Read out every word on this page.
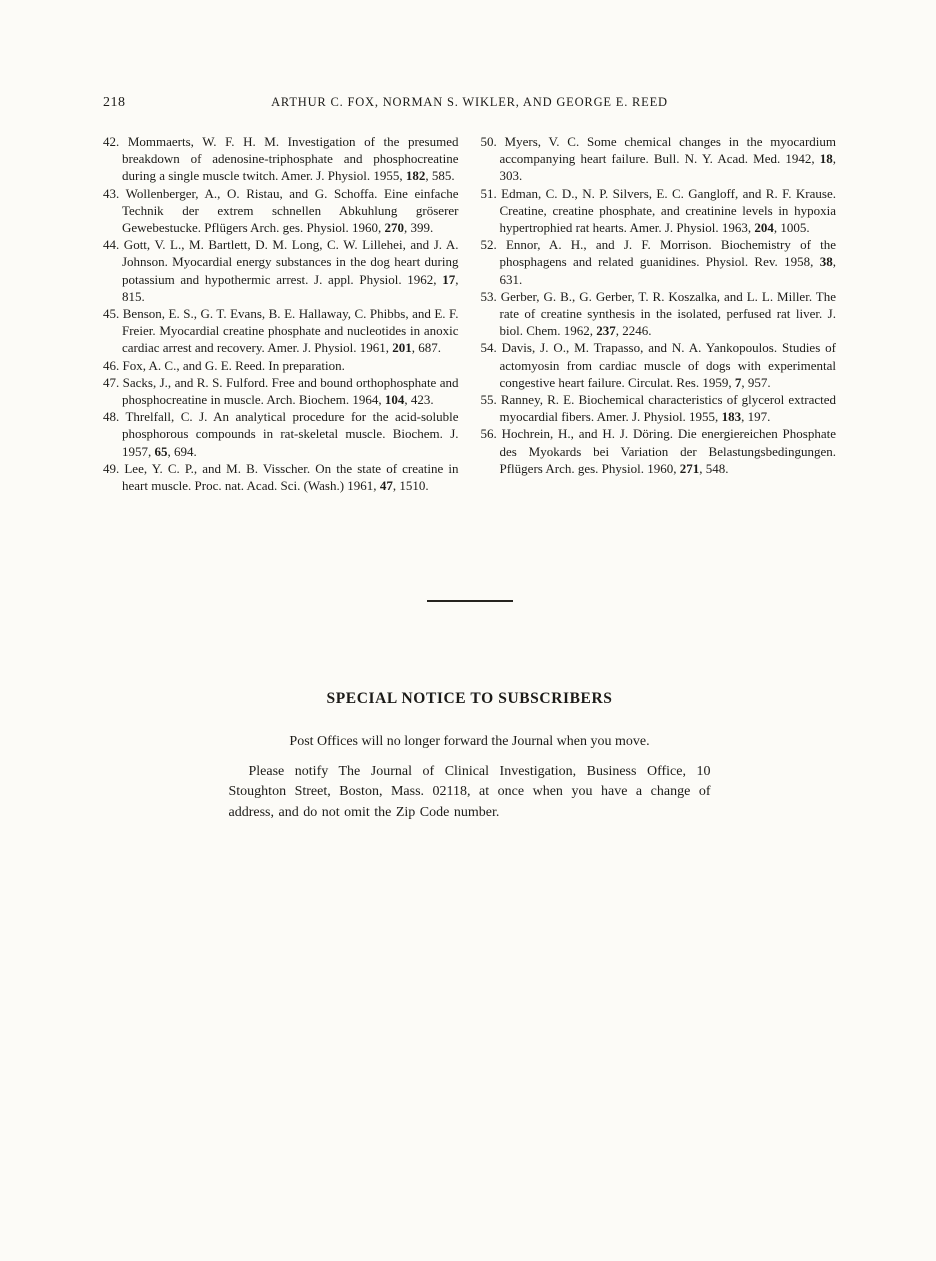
218	ARTHUR C. FOX, NORMAN S. WIKLER, AND GEORGE E. REED
42. Mommaerts, W. F. H. M. Investigation of the presumed breakdown of adenosine-triphosphate and phosphocreatine during a single muscle twitch. Amer. J. Physiol. 1955, 182, 585.
43. Wollenberger, A., O. Ristau, and G. Schoffa. Eine einfache Technik der extrem schnellen Abkuhlung gröserer Gewebestucke. Pflügers Arch. ges. Physiol. 1960, 270, 399.
44. Gott, V. L., M. Bartlett, D. M. Long, C. W. Lillehei, and J. A. Johnson. Myocardial energy substances in the dog heart during potassium and hypothermic arrest. J. appl. Physiol. 1962, 17, 815.
45. Benson, E. S., G. T. Evans, B. E. Hallaway, C. Phibbs, and E. F. Freier. Myocardial creatine phosphate and nucleotides in anoxic cardiac arrest and recovery. Amer. J. Physiol. 1961, 201, 687.
46. Fox, A. C., and G. E. Reed. In preparation.
47. Sacks, J., and R. S. Fulford. Free and bound orthophosphate and phosphocreatine in muscle. Arch. Biochem. 1964, 104, 423.
48. Threlfall, C. J. An analytical procedure for the acid-soluble phosphorous compounds in rat-skeletal muscle. Biochem. J. 1957, 65, 694.
49. Lee, Y. C. P., and M. B. Visscher. On the state of creatine in heart muscle. Proc. nat. Acad. Sci. (Wash.) 1961, 47, 1510.
50. Myers, V. C. Some chemical changes in the myocardium accompanying heart failure. Bull. N. Y. Acad. Med. 1942, 18, 303.
51. Edman, C. D., N. P. Silvers, E. C. Gangloff, and R. F. Krause. Creatine, creatine phosphate, and creatinine levels in hypoxia hypertrophied rat hearts. Amer. J. Physiol. 1963, 204, 1005.
52. Ennor, A. H., and J. F. Morrison. Biochemistry of the phosphagens and related guanidines. Physiol. Rev. 1958, 38, 631.
53. Gerber, G. B., G. Gerber, T. R. Koszalka, and L. L. Miller. The rate of creatine synthesis in the isolated, perfused rat liver. J. biol. Chem. 1962, 237, 2246.
54. Davis, J. O., M. Trapasso, and N. A. Yankopoulos. Studies of actomyosin from cardiac muscle of dogs with experimental congestive heart failure. Circulat. Res. 1959, 7, 957.
55. Ranney, R. E. Biochemical characteristics of glycerol extracted myocardial fibers. Amer. J. Physiol. 1955, 183, 197.
56. Hochrein, H., and H. J. Döring. Die energiereichen Phosphate des Myokards bei Variation der Belastungsbedingungen. Pflügers Arch. ges. Physiol. 1960, 271, 548.
SPECIAL NOTICE TO SUBSCRIBERS

Post Offices will no longer forward the Journal when you move.

Please notify The Journal of Clinical Investigation, Business Office, 10 Stoughton Street, Boston, Mass. 02118, at once when you have a change of address, and do not omit the Zip Code number.
